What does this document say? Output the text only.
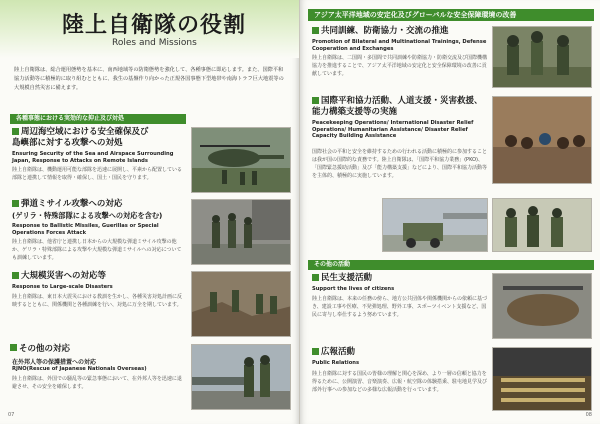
陸上自衛隊の役割
Roles and Missions
陸上自衛隊は、総合運用態勢を基本に、南西地域等の防衛態勢を強化して、各種事態に即応します。また、国際平和協力活動等に積極的に取り組むとともに、我生の基盤作り向かった正規各国事態下型地帯や南海トラフ巨大地震等の大規模自然災害に備えます。
各種事態における実効的な抑止及び対処
周辺海空域における安全確保及び
島嶼部に対する攻撃への対処
Ensuring Security of the Sea and Airspace Surrounding Japan, Response to Attacks on Remote Islands
陸上自衛隊は、機動運用可能な部隊を迅速に展開し、平素から配置している部隊と連携して情報を取得・確保し、国土・国民を守ります。
弾道ミサイル攻撃への対応
(ゲリラ・特殊部隊による攻撃への対応を含む)
Response to Ballistic Missiles, Guerillas or Special Operations Forces Attack
陸上自衛隊は、他省庁と連携し日本からの大規模な弾道ミサイル攻撃の他か、ゲリラ・特殊部隊による攻撃や大規模な弾道ミサイルへの対応についても訓練しています。
大規模災害への対応等
Response to Large-scale Disasters
陸上自衛隊は、東日本大震災における教訓を生かし、各種災害対処計画に反映するとともに、関係機関と各種訓練を行い、対処に万全を期しています。
その他の対応
在外邦人等の保護措置への対応
RJNO(Rescue of Japanese Nationals Overseas)
陸上自衛隊は、外国での騒乱等の緊急事態において、在外邦人等を迅速に退避させ、その安全を確保します。
07
アジア太平洋地域の安定化及びグローバルな安全保障環境の改善
共同訓練、防衛協力・交流の推進
Promotion of Bilateral and Multinational Trainings, Defense Cooperation and Exchanges
陸上自衛隊は、二国間・多国間で共同訓練や防衛協力・防衛交流及び国際機構協力を推進することで、アジア太平洋地域の安定化と安全保障環境の改善に貢献しています。
国際平和協力活動、人道支援・災害救援、
能力構築支援等の実施
Peacekeeping Operations/ International Disaster Relief Operations/ Humanitarian Assistance/ Disaster Relief Capacity Building Assistance
国際社会の平和と安全を維持するための行われる活動に積極的に参加することは我が国の国際的な責務です。陸上自衛隊は、「国際平和協力業務」(PKO)、「国際緊急援助活動」及び「能力構築支援」などにより、国際平和協力活動等を主体的、積極的に実施しています。
その他の活動
民生支援活動
Support the lives of citizens
陸上自衛隊は、本来の任務の傍ら、地方公共団体や関係機関からの依頼に基づき、建設工事や医療、不発弾処理、野外工事、スポーツイベント支援など、国民に寄与し奉仕するよう努めています。
広報活動
Public Relations
陸上自衛隊に対する国民の皆様の理解と関心を深め、より一層の信頼と協力を得るために、公開演習、音楽演奏、広報・航空隊の体験搭乗、駐屯地見学及び部外行事への参加などの多様な広報活動を行っています。
08
